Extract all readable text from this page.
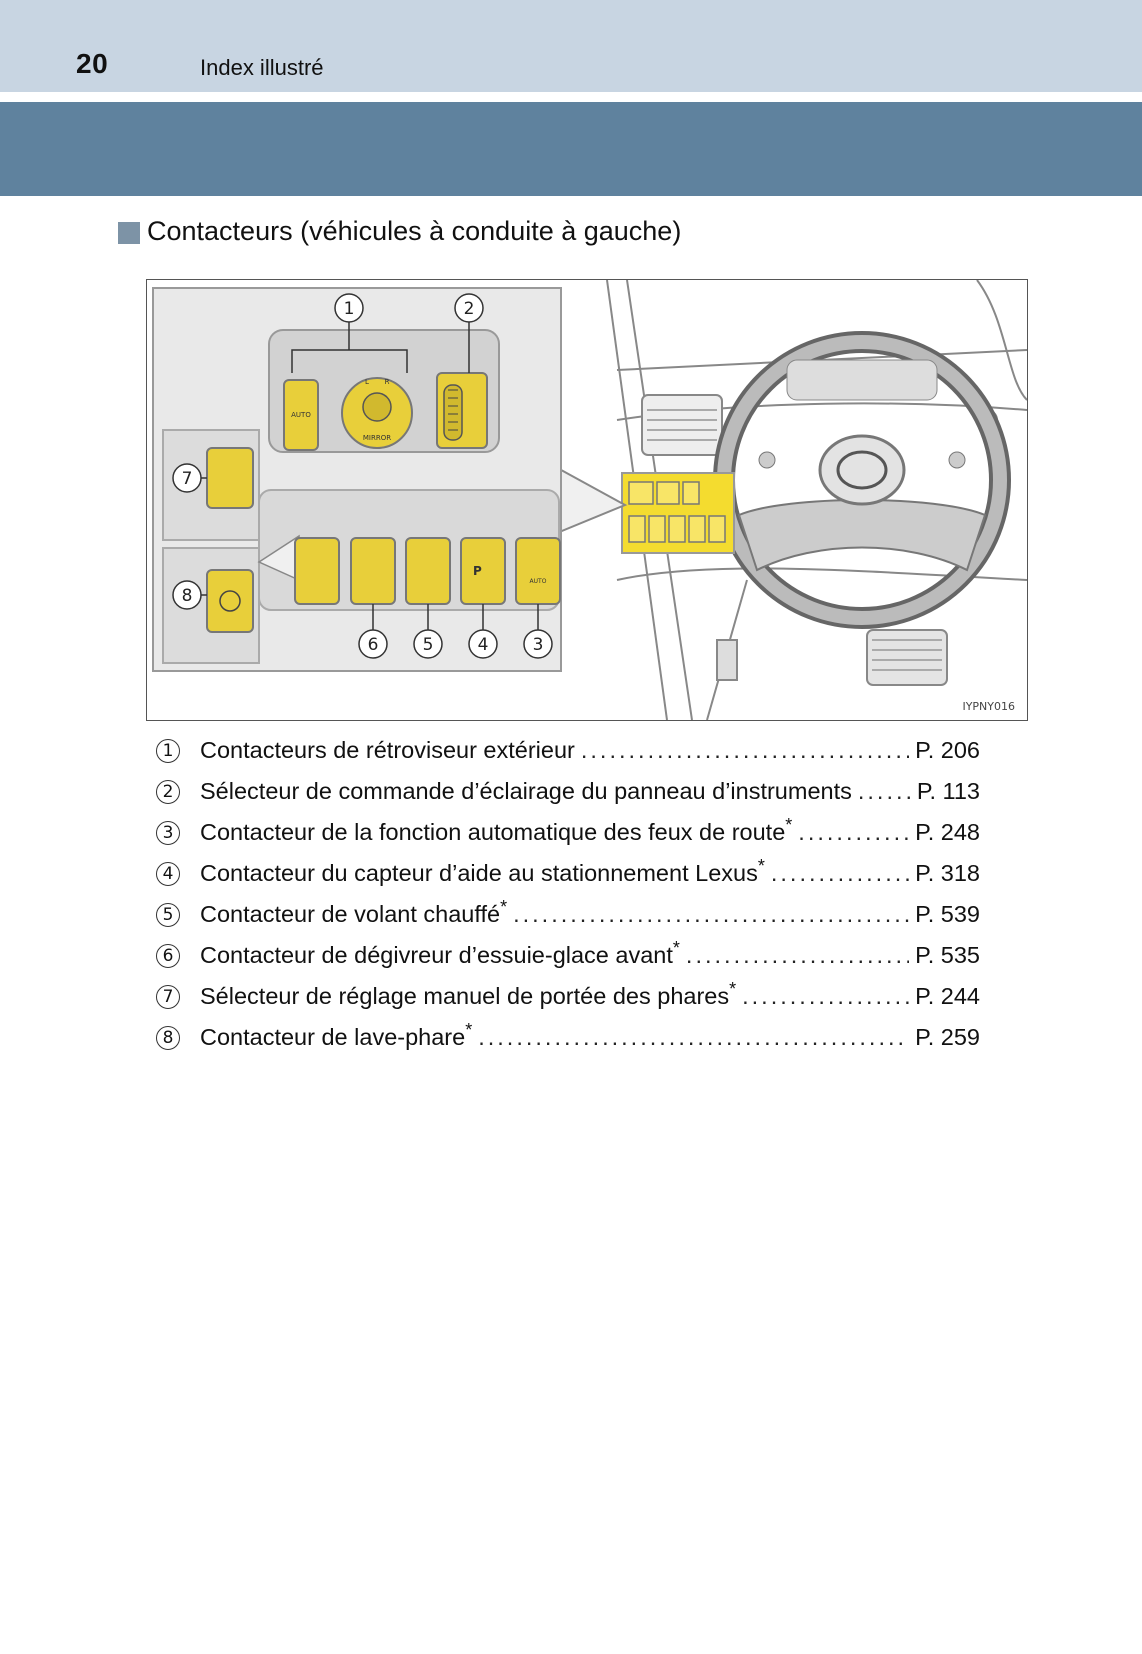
20	Index illustré
Contacteurs (véhicules à conduite à gauche)
AUTO
MIRROR
L R
P
AUTO
1	2
3
4
5
6
7
8
IYPNY016
1 Contacteurs de rétroviseur extérieur .....	P. 206
2 Sélecteur de commande d’éclairage du panneau d’instruments .....	P. 113
3 Contacteur de la fonction automatique des feux de route* .....	P. 248
4 Contacteur du capteur d’aide au stationnement Lexus* .....	P. 318
5 Contacteur de volant chauffé* .....	P. 539
6 Contacteur de dégivreur d’essuie-glace avant* .....	P. 535
7 Sélecteur de réglage manuel de portée des phares* .....	P. 244
8 Contacteur de lave-phare* .....	P. 259
